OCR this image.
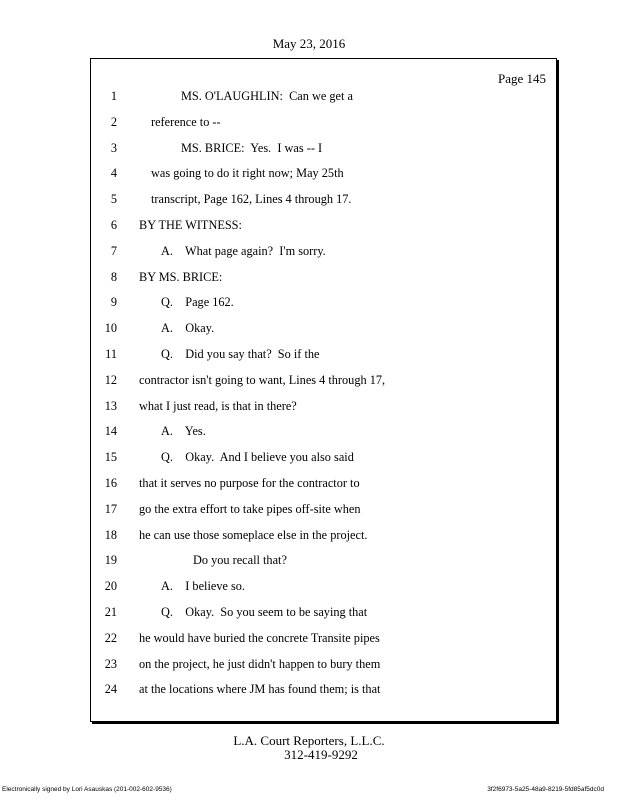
May 23, 2016
Page 145
1	MS. O'LAUGHLIN:  Can we get a
2	reference to --
3	MS. BRICE:  Yes.  I was -- I
4	was going to do it right now; May 25th
5	transcript, Page 162, Lines 4 through 17.
6 BY THE WITNESS:
7	A.    What page again?  I'm sorry.
8 BY MS. BRICE:
9	Q.    Page 162.
10	A.    Okay.
11	Q.    Did you say that?  So if the
12 contractor isn't going to want, Lines 4 through 17,
13 what I just read, is that in there?
14	A.    Yes.
15	Q.    Okay.  And I believe you also said
16 that it serves no purpose for the contractor to
17 go the extra effort to take pipes off-site when
18 he can use those someplace else in the project.
19	Do you recall that?
20	A.    I believe so.
21	Q.    Okay.  So you seem to be saying that
22 he would have buried the concrete Transite pipes
23 on the project, he just didn't happen to bury them
24 at the locations where JM has found them; is that
L.A. Court Reporters, L.L.C.
312-419-9292
Electronically signed by Lori Asauskas (201-002-602-9536)	3f2f6973-5a25-48a9-8219-5fd85af5dc0d
